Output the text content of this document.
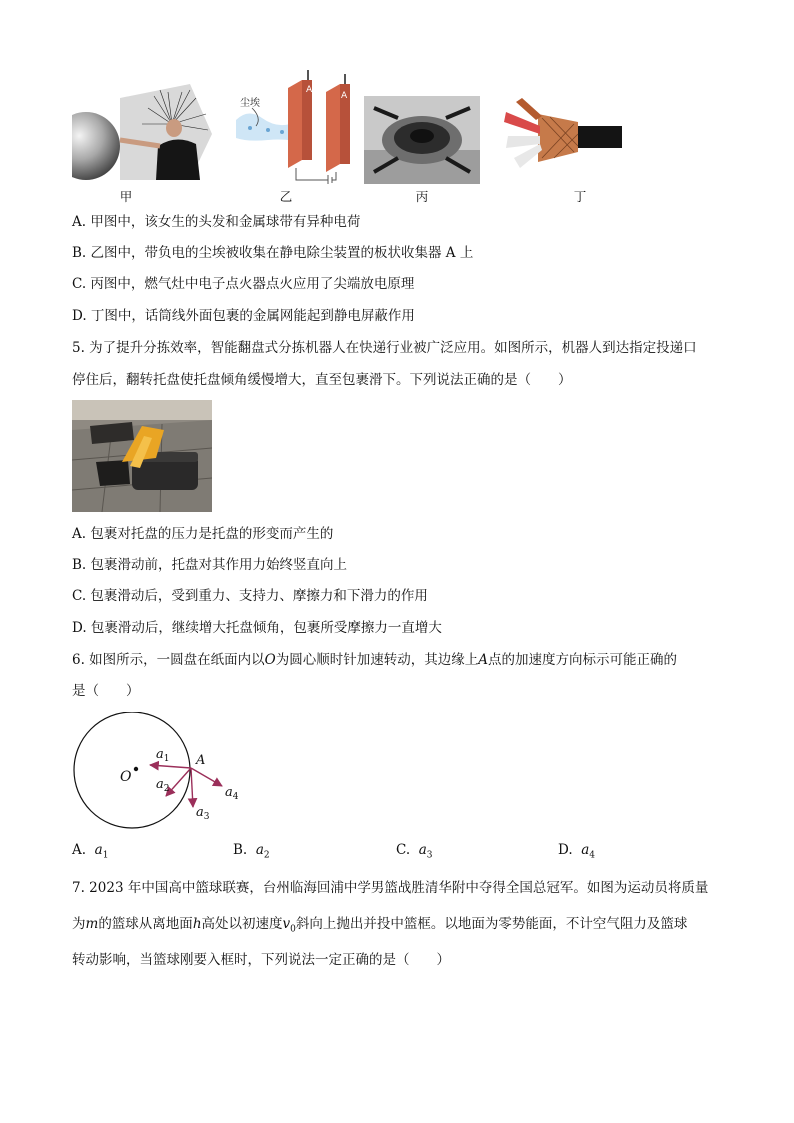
尘埃
A
A
甲	乙	丙	丁
A. 甲图中，该女生的头发和金属球带有异种电荷
B. 乙图中，带负电的尘埃被收集在静电除尘装置的板状收集器 A 上
C. 丙图中，燃气灶中电子点火器点火应用了尖端放电原理
D. 丁图中，话筒线外面包裹的金属网能起到静电屏蔽作用
5. 为了提升分拣效率，智能翻盘式分拣机器人在快递行业被广泛应用。如图所示，机器人到达指定投递口
停住后，翻转托盘使托盘倾角缓慢增大，直至包裹滑下。下列说法正确的是（　　）
A. 包裹对托盘的压力是托盘的形变而产生的
B. 包裹滑动前，托盘对其作用力始终竖直向上
C. 包裹滑动后，受到重力、支持力、摩擦力和下滑力的作用
D. 包裹滑动后，继续增大托盘倾角，包裹所受摩擦力一直增大
6. 如图所示，一圆盘在纸面内以O为圆心顺时针加速转动，其边缘上A点的加速度方向标示可能正确的
是（　　）
O
A
$a_1$
$a_2$
$a_3$
$a_4$
A. $a_1$	B. $a_2$	C. $a_3$	D. $a_4$
7. 2023 年中国高中篮球联赛，台州临海回浦中学男篮战胜清华附中夺得全国总冠军。如图为运动员将质量
为m的篮球从离地面h高处以初速度$v_0$斜向上抛出并投中篮框。以地面为零势能面，不计空气阻力及篮球
转动影响，当篮球刚要入框时，下列说法一定正确的是（　　）
